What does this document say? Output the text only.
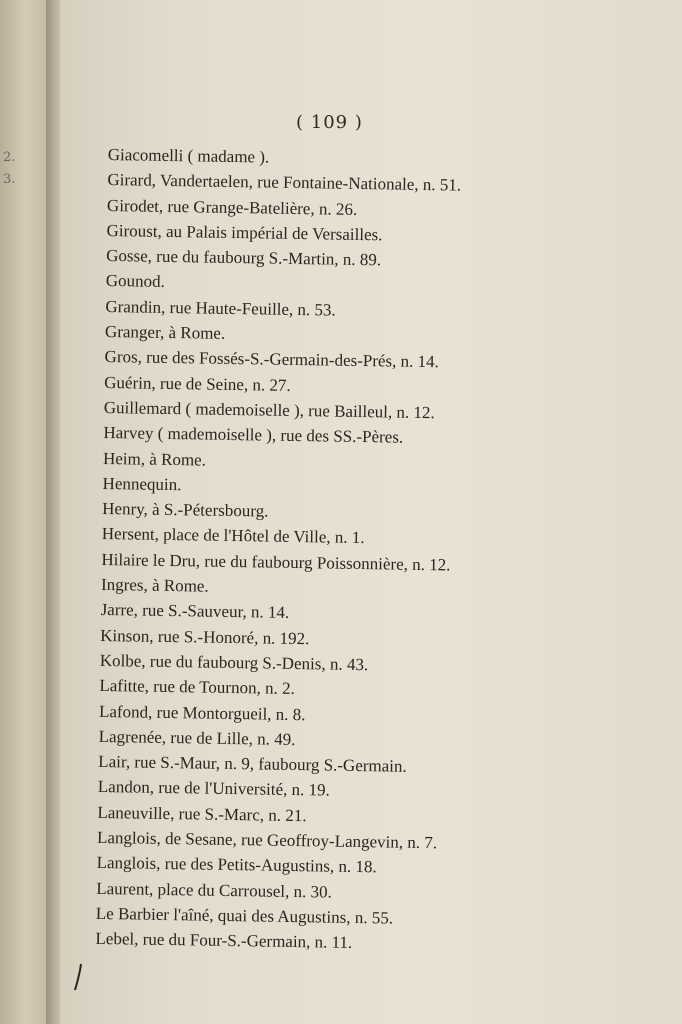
2.
3.
( 109 )
Giacomelli ( madame ).
Girard, Vandertaelen, rue Fontaine-Nationale, n. 51.
Girodet, rue Grange-Batelière, n. 26.
Giroust, au Palais impérial de Versailles.
Gosse, rue du faubourg S.-Martin, n. 89.
Gounod.
Grandin, rue Haute-Feuille, n. 53.
Granger, à Rome.
Gros, rue des Fossés-S.-Germain-des-Prés, n. 14.
Guérin, rue de Seine, n. 27.
Guillemard ( mademoiselle ), rue Bailleul, n. 12.
Harvey ( mademoiselle ), rue des SS.-Pères.
Heim, à Rome.
Hennequin.
Henry, à S.-Pétersbourg.
Hersent, place de l'Hôtel de Ville, n. 1.
Hilaire le Dru, rue du faubourg Poissonnière, n. 12.
Ingres, à Rome.
Jarre, rue S.-Sauveur, n. 14.
Kinson, rue S.-Honoré, n. 192.
Kolbe, rue du faubourg S.-Denis, n. 43.
Lafitte, rue de Tournon, n. 2.
Lafond, rue Montorgueil, n. 8.
Lagrenée, rue de Lille, n. 49.
Lair, rue S.-Maur, n. 9, faubourg S.-Germain.
Landon, rue de l'Université, n. 19.
Laneuville, rue S.-Marc, n. 21.
Langlois, de Sesane, rue Geoffroy-Langevin, n. 7.
Langlois, rue des Petits-Augustins, n. 18.
Laurent, place du Carrousel, n. 30.
Le Barbier l'aîné, quai des Augustins, n. 55.
Lebel, rue du Four-S.-Germain, n. 11.
